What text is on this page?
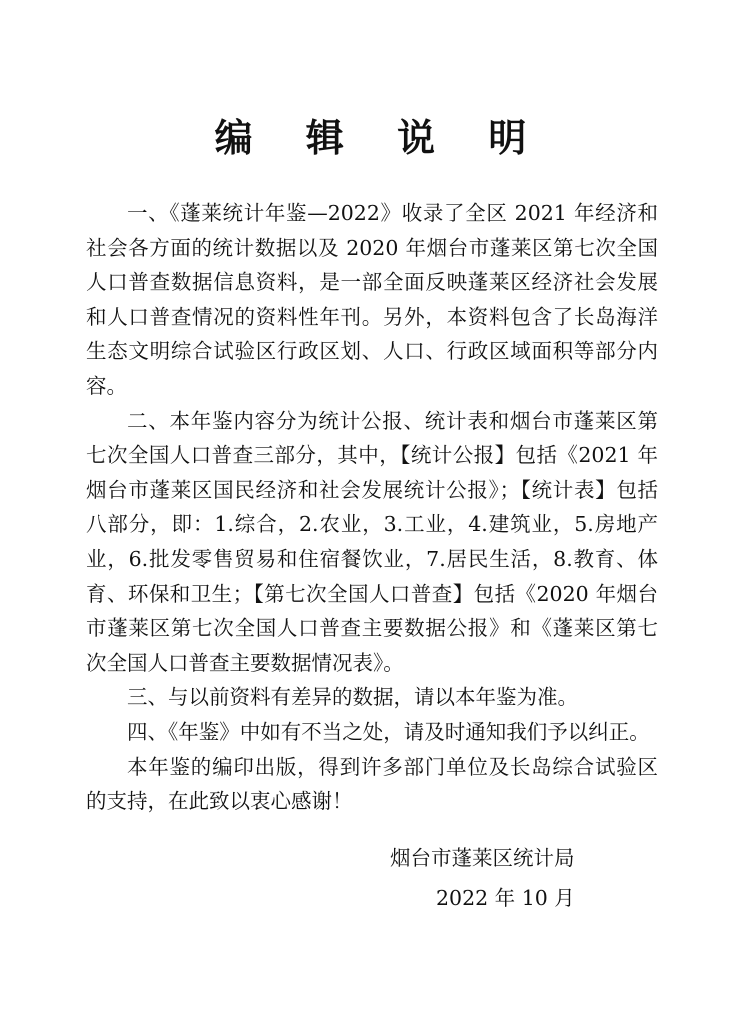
编 辑 说 明

一、《蓬莱统计年鉴—2022》收录了全区 2021 年经济和社会各方面的统计数据以及 2020 年烟台市蓬莱区第七次全国人口普查数据信息资料，是一部全面反映蓬莱区经济社会发展和人口普查情况的资料性年刊。另外，本资料包含了长岛海洋生态文明综合试验区行政区划、人口、行政区域面积等部分内容。

二、本年鉴内容分为统计公报、统计表和烟台市蓬莱区第七次全国人口普查三部分，其中，【统计公报】包括《2021 年烟台市蓬莱区国民经济和社会发展统计公报》；【统计表】包括八部分，即：1.综合，2.农业，3.工业，4.建筑业，5.房地产业，6.批发零售贸易和住宿餐饮业，7.居民生活，8.教育、体育、环保和卫生；【第七次全国人口普查】包括《2020 年烟台市蓬莱区第七次全国人口普查主要数据公报》和《蓬莱区第七次全国人口普查主要数据情况表》。

三、与以前资料有差异的数据，请以本年鉴为准。

四、《年鉴》中如有不当之处，请及时通知我们予以纠正。

本年鉴的编印出版，得到许多部门单位及长岛综合试验区的支持，在此致以衷心感谢！

烟台市蓬莱区统计局
2022 年 10 月
